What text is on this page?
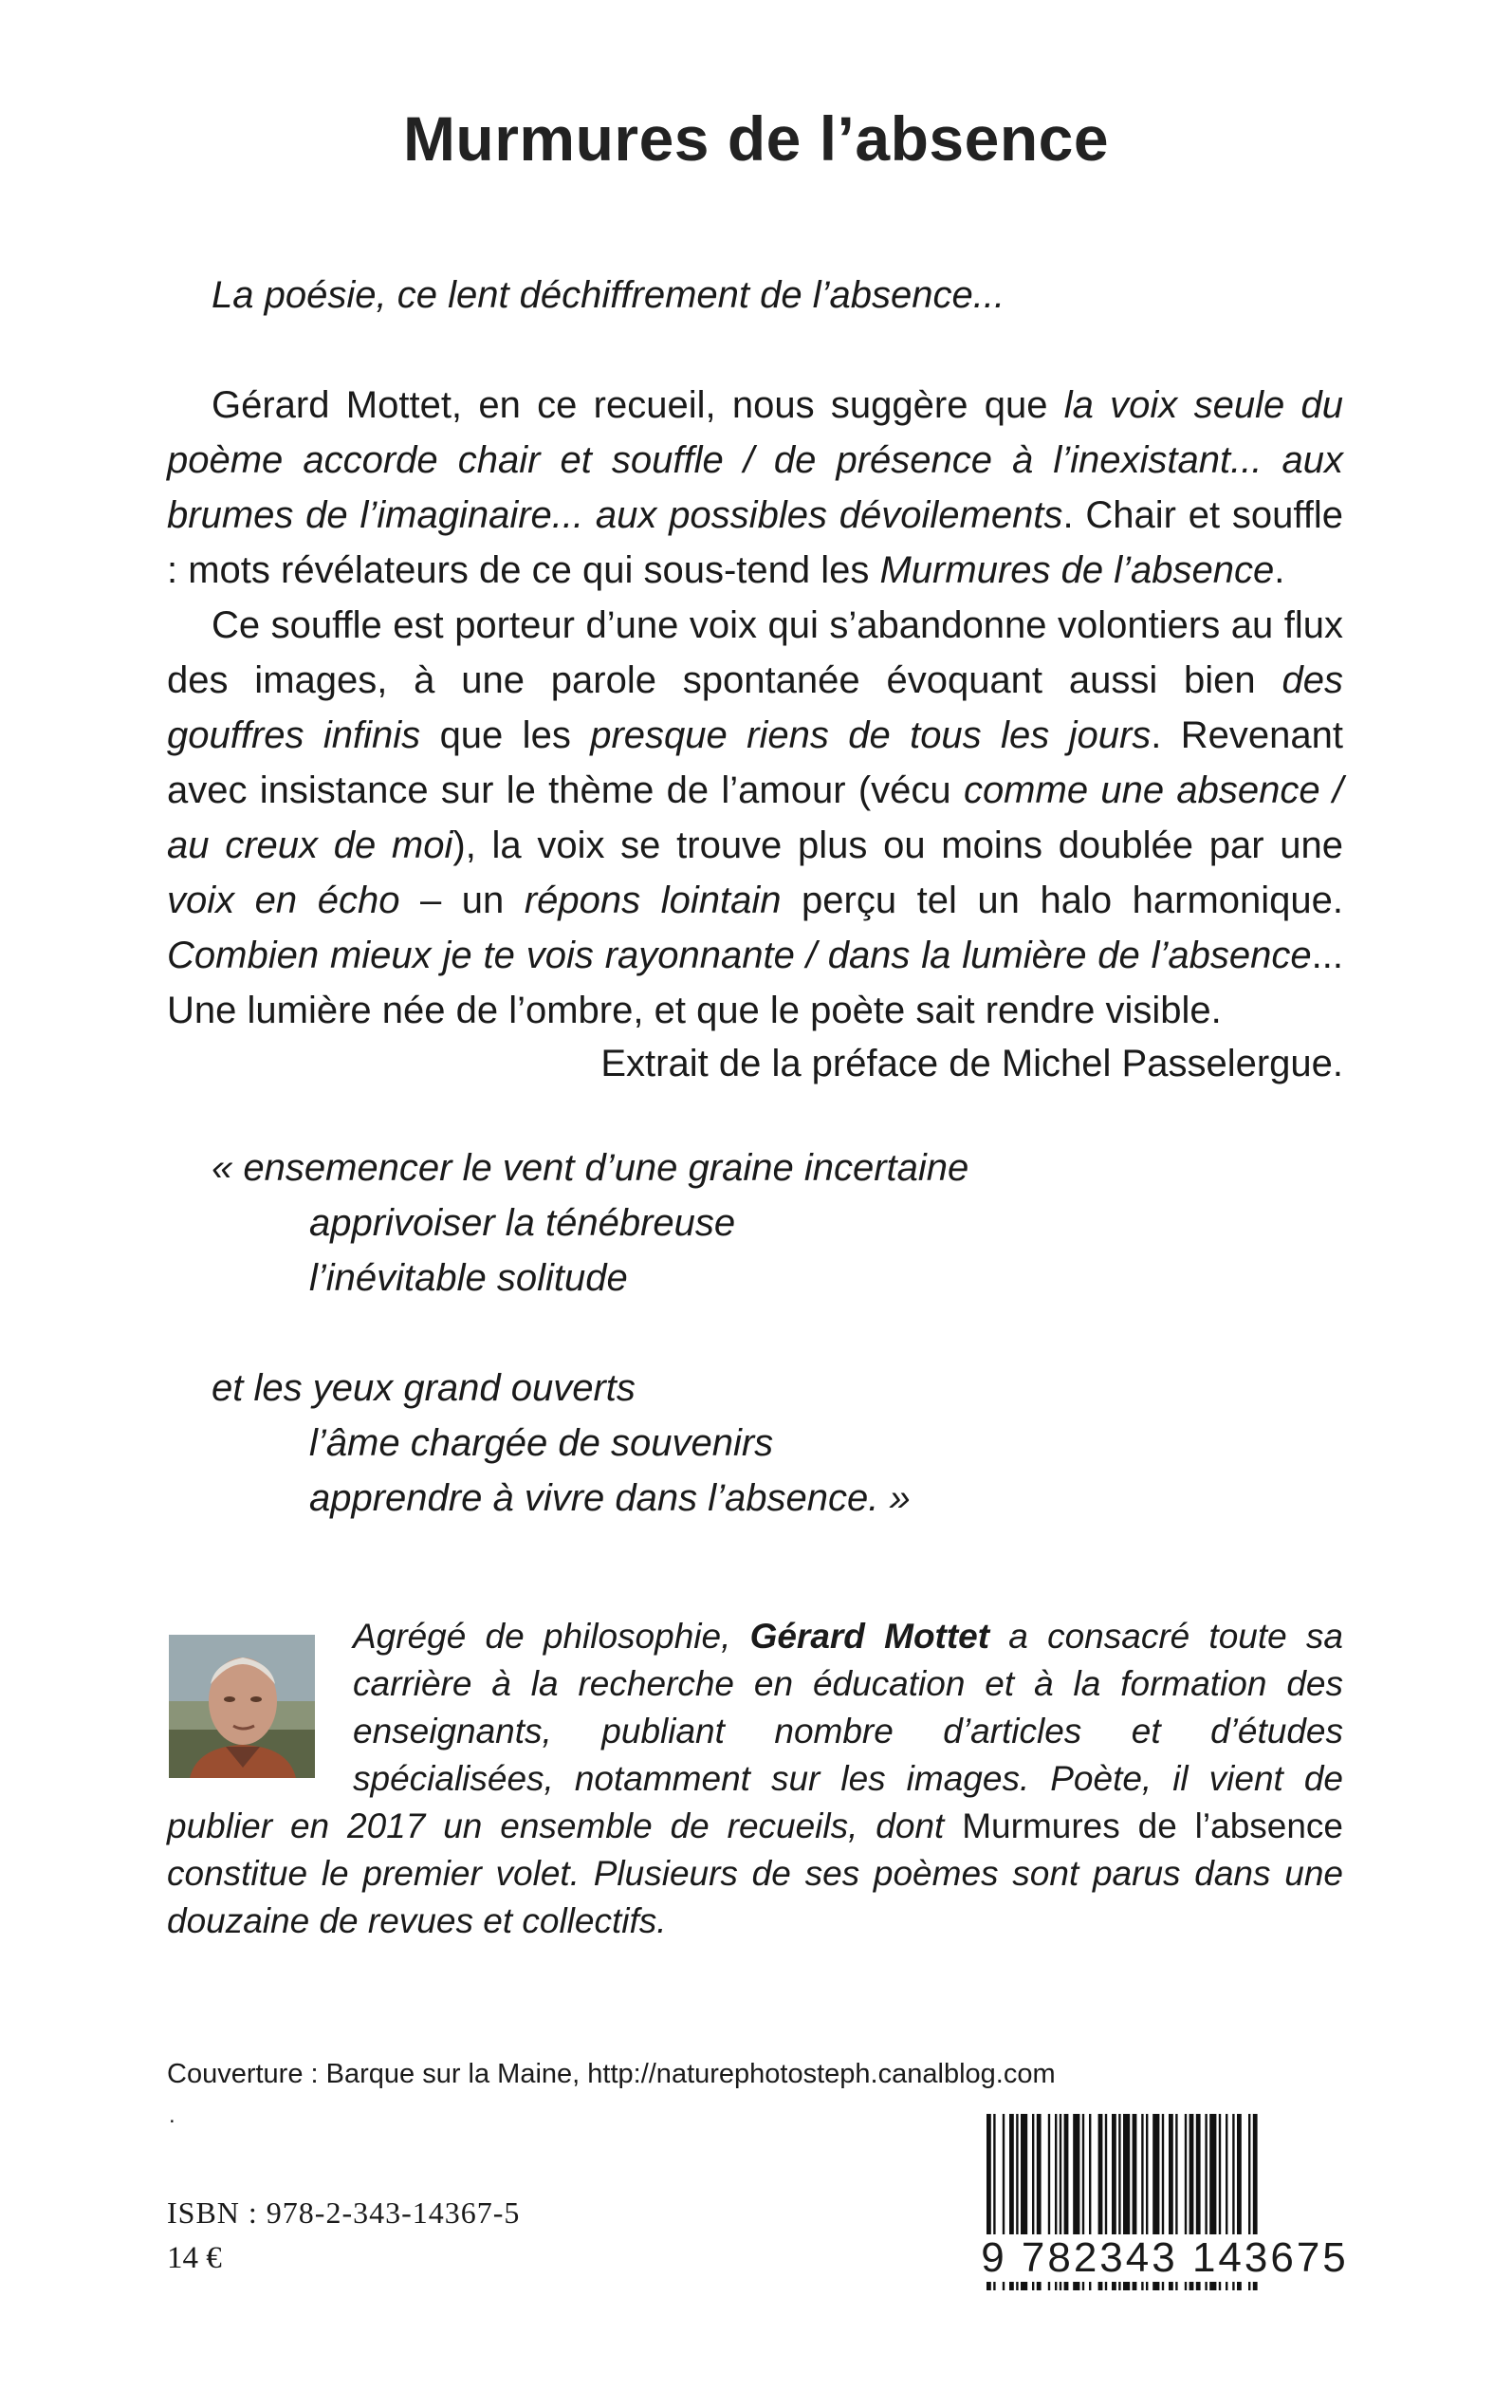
Murmures de l’absence
La poésie, ce lent déchiffrement de l’absence...

Gérard Mottet, en ce recueil, nous suggère que la voix seule du poème accorde chair et souffle / de présence à l’inexistant... aux brumes de l’imaginaire... aux possibles dévoilements. Chair et souffle : mots révélateurs de ce qui sous-tend les Murmures de l’absence.

Ce souffle est porteur d’une voix qui s’abandonne volontiers au flux des images, à une parole spontanée évoquant aussi bien des gouffres infinis que les presque riens de tous les jours. Revenant avec insistance sur le thème de l’amour (vécu comme une absence / au creux de moi), la voix se trouve plus ou moins doublée par une voix en écho – un répons lointain perçu tel un halo harmonique. Combien mieux je te vois rayonnante / dans la lumière de l’absence... Une lumière née de l’ombre, et que le poète sait rendre visible.

Extrait de la préface de Michel Passelergue.
« ensemencer le vent d’une graine incertaine
apprivoiser la ténébreuse
l’inévitable solitude
et les yeux grand ouverts
l’âme chargée de souvenirs
apprendre à vivre dans l’absence. »
Agrégé de philosophie, Gérard Mottet a consacré toute sa carrière à la recherche en éducation et à la formation des enseignants, publiant nombre d’articles et d’études spécialisées, notamment sur les images. Poète, il vient de publier en 2017 un ensemble de recueils, dont Murmures de l’absence constitue le premier volet. Plusieurs de ses poèmes sont parus dans une douzaine de revues et collectifs.
Couverture : Barque sur la Maine, http://naturephotosteph.canalblog.com
.
ISBN : 978-2-343-14367-5
14 €	9 782343 143675
